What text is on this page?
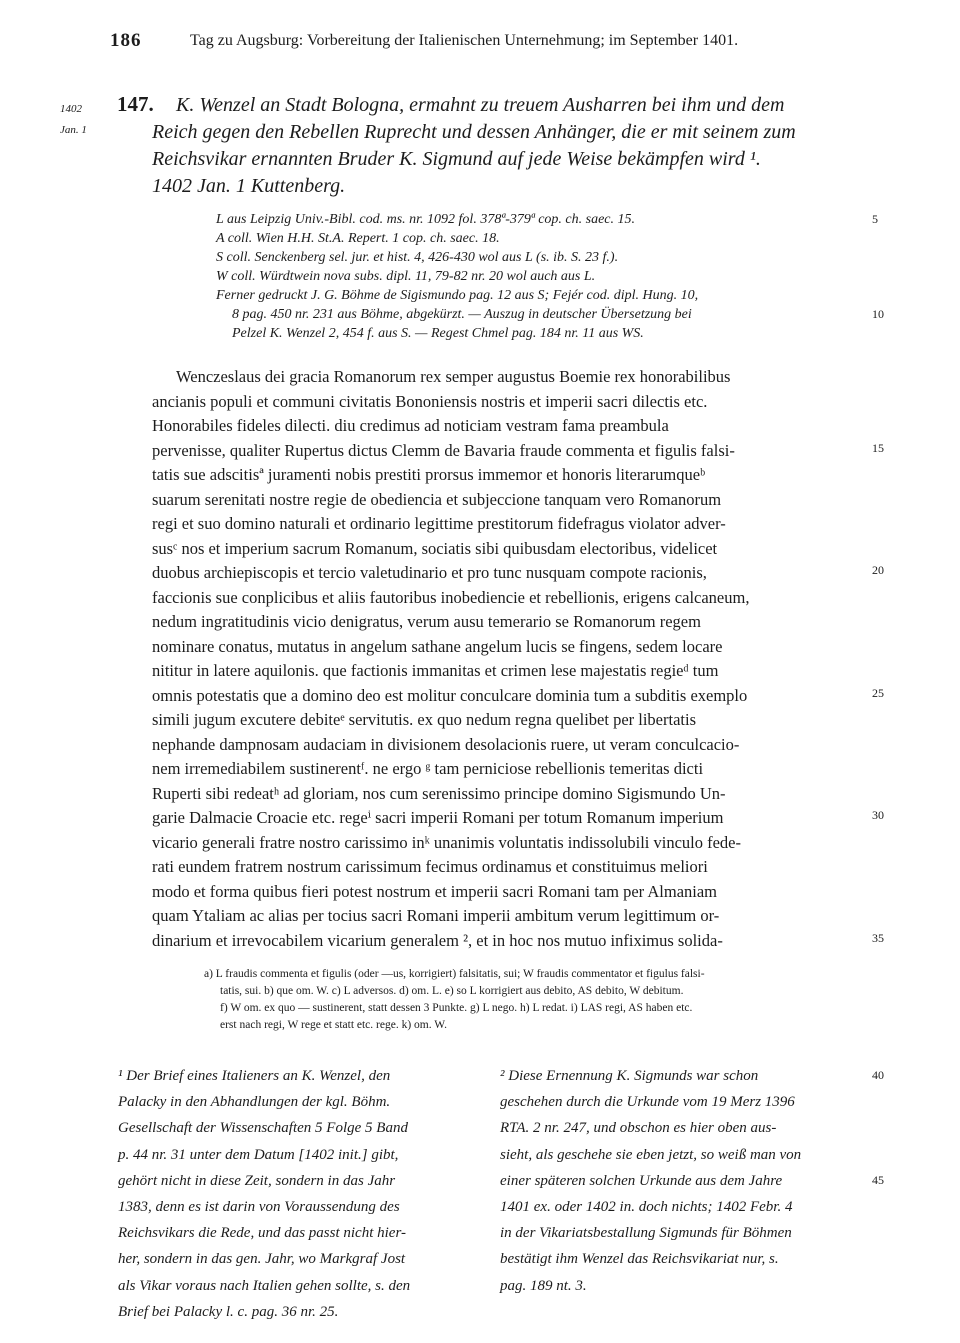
186	Tag zu Augsburg: Vorbereitung der Italienischen Unternehmung; im September 1401.
1402
Jan. 1
147. K. Wenzel an Stadt Bologna, ermahnt zu treuem Ausharren bei ihm und dem
Reich gegen den Rebellen Ruprecht und dessen Anhänger, die er mit seinem zum
Reichsvikar ernannten Bruder K. Sigmund auf jede Weise bekämpfen wird ¹.
1402 Jan. 1 Kuttenberg.
L aus Leipzig Univ.-Bibl. cod. ms. nr. 1092 fol. 378ª-379ª cop. ch. saec. 15.
A coll. Wien H.H. St.A. Repert. 1 cop. ch. saec. 18.
S coll. Senckenberg sel. jur. et hist. 4, 426-430 wol aus L (s. ib. S. 23 f.).
W coll. Würdtwein nova subs. dipl. 11, 79-82 nr. 20 wol auch aus L.
Ferner gedruckt J. G. Böhme de Sigismundo pag. 12 aus S; Fejér cod. dipl. Hung. 10,
8 pag. 450 nr. 231 aus Böhme, abgekürzt. — Auszug in deutscher Übersetzung bei
Pelzel K. Wenzel 2, 454 f. aus S. — Regest Chmel pag. 184 nr. 11 aus WS.
Wenczeslaus dei gracia Romanorum rex semper augustus Boemie rex honorabilibus
ancianis populi et communi civitatis Bononiensis nostris et imperii sacri dilectis etc.
Honorabiles fideles dilecti. diu credimus ad noticiam vestram fama preambula
pervenisse, qualiter Rupertus dictus Clemm de Bavaria fraude commenta et figulis falsi-
tatis sue adscitisª juramenti nobis prestiti prorsus immemor et honoris literarumqueᵇ
suarum serenitati nostre regie de obediencia et subjeccione tanquam vero Romanorum
regi et suo domino naturali et ordinario legittime prestitorum fidefragus violator adver-
susᶜ nos et imperium sacrum Romanum, sociatis sibi quibusdam electoribus, videlicet
duobus archiepiscopis et tercio valetudinario et pro tunc nusquam compote racionis,
faccionis sue conplicibus et aliis fautoribus inobediencie et rebellionis, erigens calcaneum,
nedum ingratitudinis vicio denigratus, verum ausu temerario se Romanorum regem
nominare conatus, mutatus in angelum sathane angelum lucis se fingens, sedem locare
nititur in latere aquilonis. que factionis immanitas et crimen lese majestatis regieᵈ tum
omnis potestatis que a domino deo est molitur conculcare dominia tum a subditis exemplo
simili jugum excutere debiteᵉ servitutis. ex quo nedum regna quelibet per libertatis
nephande dampnosam audaciam in divisionem desolacionis ruere, ut veram conculcacio-
nem irremediabilem sustinerentᶠ. ne ergo ᵍ tam perniciose rebellionis temeritas dicti
Ruperti sibi redeatʰ ad gloriam, nos cum serenissimo principe domino Sigismundo Un-
garie Dalmacie Croacie etc. regeⁱ sacri imperii Romani per totum Romanum imperium
vicario generali fratre nostro carissimo inᵏ unanimis voluntatis indissolubili vinculo fede-
rati eundem fratrem nostrum carissimum fecimus ordinamus et constituimus meliori
modo et forma quibus fieri potest nostrum et imperii sacri Romani tam per Almaniam
quam Ytaliam ac alias per tocius sacri Romani imperii ambitum verum legittimum or-
dinarium et irrevocabilem vicarium generalem ², et in hoc nos mutuo infiximus solida-
a) L fraudis commenta et figulis (oder —us, korrigiert) falsitatis, sui; W fraudis commentator et figulus falsi-
tatis, sui. b) que om. W. c) L adversos. d) om. L. e) so L korrigiert aus debito, AS debito, W debitum.
f) W om. ex quo — sustinerent, statt dessen 3 Punkte. g) L nego. h) L redat. i) LAS regi, AS haben etc.
erst nach regi, W rege et statt etc. rege. k) om. W.
5
10
15
20
25
30
35
40
45
¹ Der Brief eines Italieners an K. Wenzel, den
Palacky in den Abhandlungen der kgl. Böhm.
Gesellschaft der Wissenschaften 5 Folge 5 Band
p. 44 nr. 31 unter dem Datum [1402 init.] gibt,
gehört nicht in diese Zeit, sondern in das Jahr
1383, denn es ist darin von Voraussendung des
Reichsvikars die Rede, und das passt nicht hier-
her, sondern in das gen. Jahr, wo Markgraf Jost
als Vikar voraus nach Italien gehen sollte, s. den
Brief bei Palacky l. c. pag. 36 nr. 25.
² Diese Ernennung K. Sigmunds war schon
geschehen durch die Urkunde vom 19 Merz 1396
RTA. 2 nr. 247, und obschon es hier oben aus-
sieht, als geschehe sie eben jetzt, so weiß man von
einer späteren solchen Urkunde aus dem Jahre
1401 ex. oder 1402 in. doch nichts; 1402 Febr. 4
in der Vikariatsbestallung Sigmunds für Böhmen
bestätigt ihm Wenzel das Reichsvikariat nur, s.
pag. 189 nt. 3.
